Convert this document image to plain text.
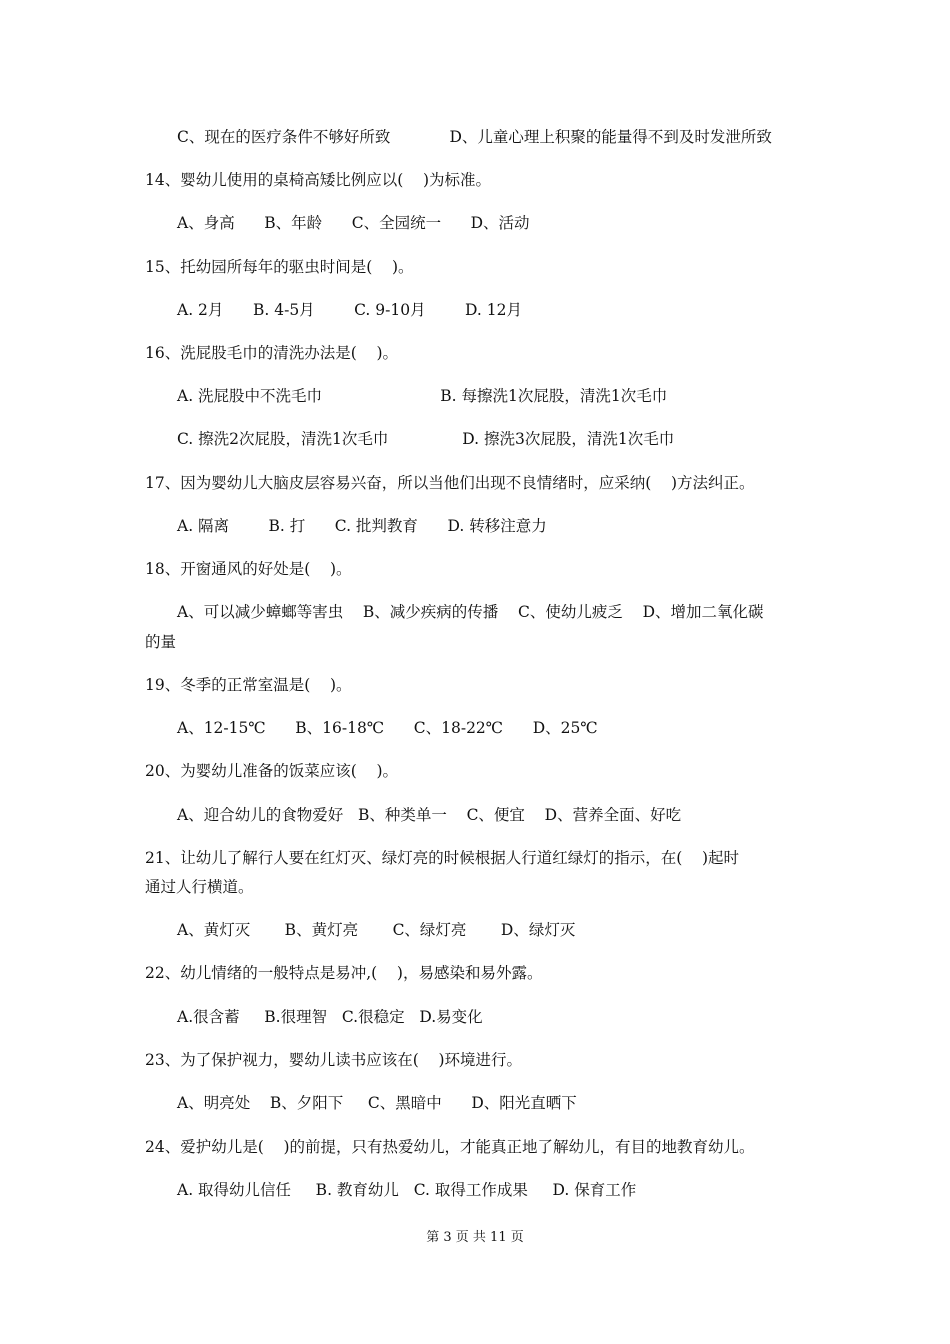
C、现在的医疗条件不够好所致            D、儿童心理上积聚的能量得不到及时发泄所致
14、婴幼儿使用的桌椅高矮比例应以(    )为标准。
A、身高      B、年龄      C、全园统一      D、活动
15、托幼园所每年的驱虫时间是(    )。
A. 2月      B. 4-5月        C. 9-10月        D. 12月
16、洗屁股毛巾的清洗办法是(    )。
A. 洗屁股中不洗毛巾                        B. 每擦洗1次屁股，清洗1次毛巾
C. 擦洗2次屁股，清洗1次毛巾               D. 擦洗3次屁股，清洗1次毛巾
17、因为婴幼儿大脑皮层容易兴奋，所以当他们出现不良情绪时，应采纳(    )方法纠正。
A. 隔离        B. 打      C. 批判教育      D. 转移注意力
18、开窗通风的好处是(    )。
A、可以减少蟑螂等害虫    B、减少疾病的传播    C、使幼儿疲乏    D、增加二氧化碳
的量
19、冬季的正常室温是(    )。
A、12-15℃      B、16-18℃      C、18-22℃      D、25℃
20、为婴幼儿准备的饭菜应该(    )。
A、迎合幼儿的食物爱好   B、种类单一    C、便宜    D、营养全面、好吃
21、让幼儿了解行人要在红灯灭、绿灯亮的时候根据人行道红绿灯的指示，在(    )起时
通过人行横道。
A、黄灯灭       B、黄灯亮       C、绿灯亮       D、绿灯灭
22、幼儿情绪的一般特点是易冲,(    )，易感染和易外露。
A.很含蓄     B.很理智   C.很稳定   D.易变化
23、为了保护视力，婴幼儿读书应该在(    )环境进行。
A、明亮处    B、夕阳下     C、黑暗中      D、阳光直晒下
24、爱护幼儿是(    )的前提，只有热爱幼儿，才能真正地了解幼儿，有目的地教育幼儿。
A. 取得幼儿信任     B. 教育幼儿   C. 取得工作成果     D. 保育工作
第 3 页 共 11 页
